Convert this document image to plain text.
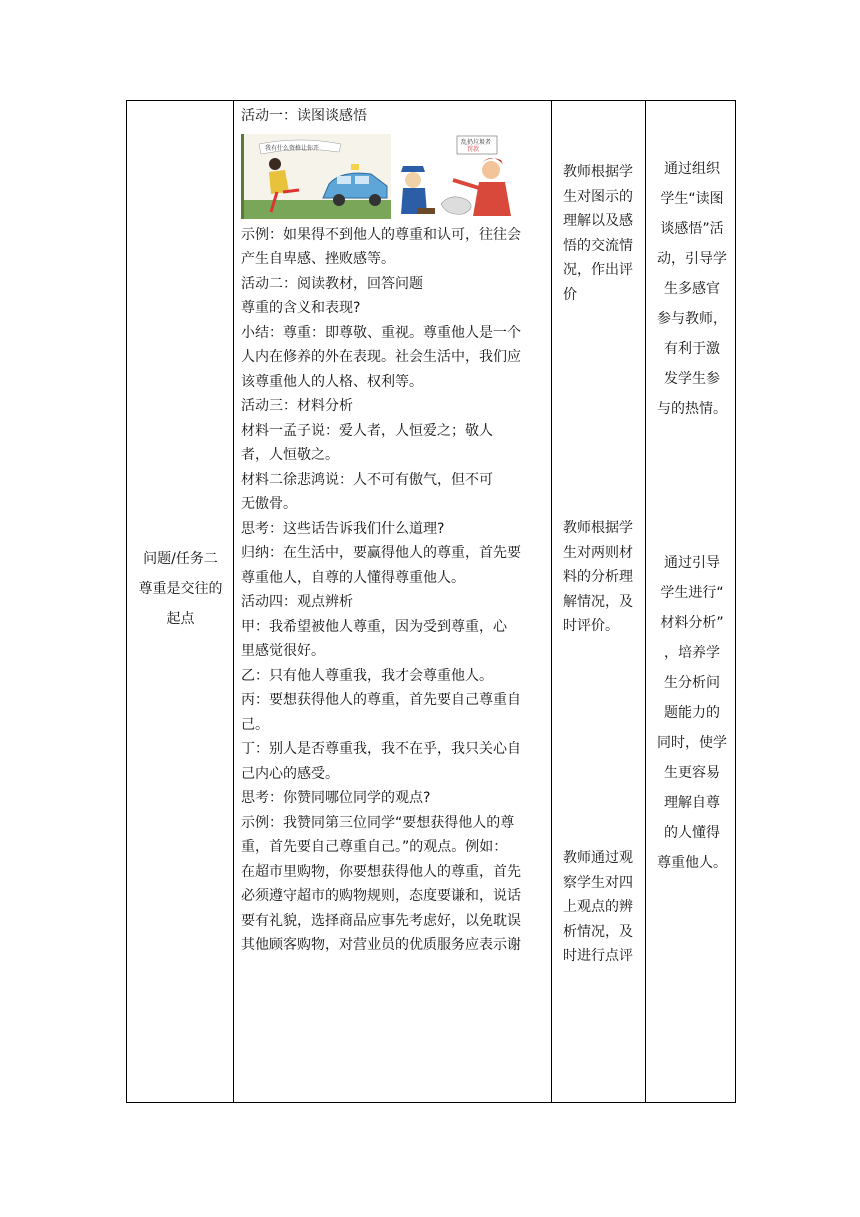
问题/任务二
尊重是交往的
起点

活动一：读图谈感悟

我有什么资格让你开
乱扔垃圾者
罚款

示例：如果得不到他人的尊重和认可，往往会

产生自卑感、挫败感等。

活动二：阅读教材，回答问题

尊重的含义和表现?

小结：尊重：即尊敬、重视。尊重他人是一个

人内在修养的外在表现。社会生活中，我们应

该尊重他人的人格、权利等。

活动三：材料分析

材料一孟子说：爱人者，人恒爱之；敬人

者，人恒敬之。

材料二徐悲鸿说：人不可有傲气，但不可

无傲骨。

思考：这些话告诉我们什么道理?

归纳：在生活中，要赢得他人的尊重，首先要

尊重他人，自尊的人懂得尊重他人。

活动四：观点辨析

甲：我希望被他人尊重，因为受到尊重，心

里感觉很好。

乙：只有他人尊重我，我才会尊重他人。

丙：要想获得他人的尊重，首先要自己尊重自

己。

丁：别人是否尊重我，我不在乎，我只关心自

己内心的感受。

思考：你赞同哪位同学的观点?

示例：我赞同第三位同学“要想获得他人的尊

重，首先要自己尊重自己。”的观点。例如：

在超市里购物，你要想获得他人的尊重，首先

必须遵守超市的购物规则，态度要谦和，说话

要有礼貌，选择商品应事先考虑好，以免耽误

其他顾客购物，对营业员的优质服务应表示谢

教师根据学

生对图示的

理解以及感

悟的交流情

况，作出评

价

教师根据学

生对两则材

料的分析理

解情况，及

时评价。

教师通过观

察学生对四

上观点的辨

析情况，及

时进行点评

通过组织

学生“读图

谈感悟”活

动，引导学

生多感官

参与教师，

有利于激

发学生参

与的热情。

通过引导

学生进行“

材料分析”

，培养学

生分析问

题能力的

同时，使学

生更容易

理解自尊

的人懂得

尊重他人。
